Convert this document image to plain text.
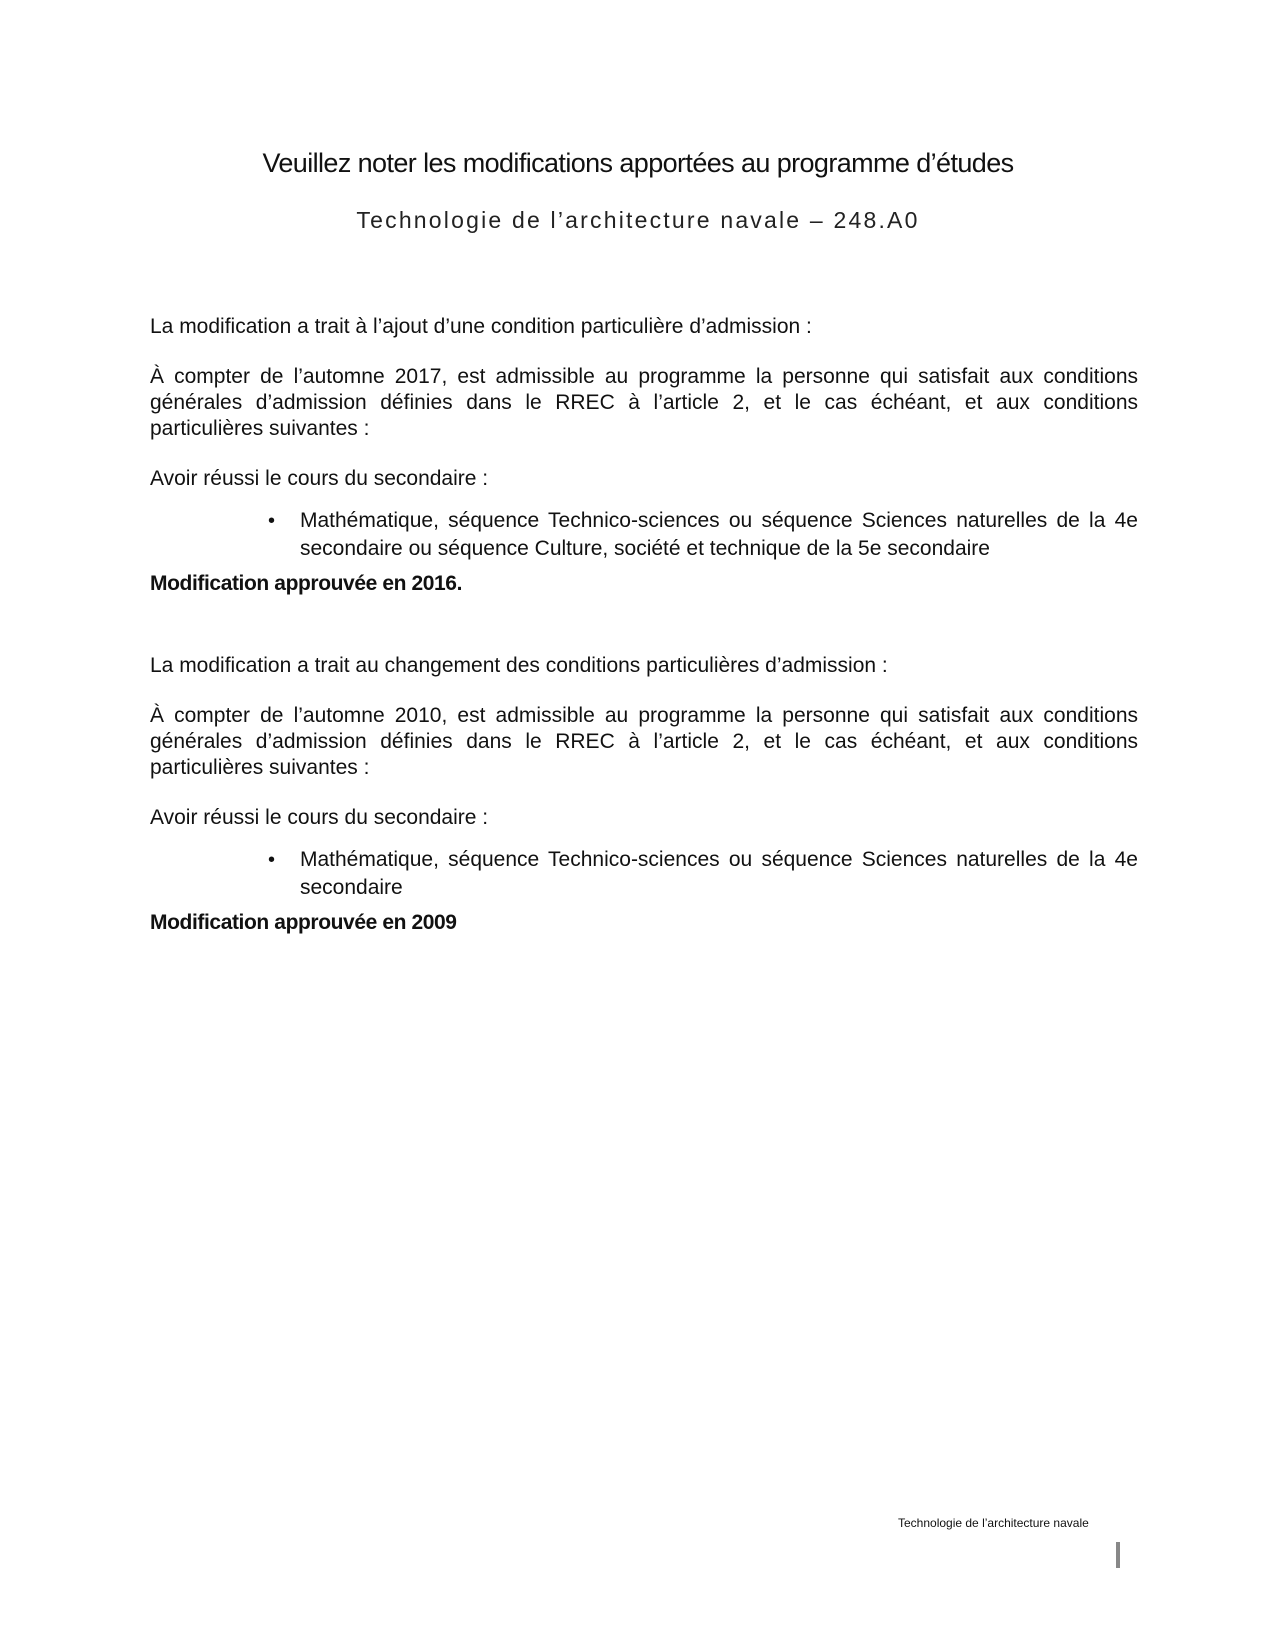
Veuillez noter les modifications apportées au programme d’études
Technologie de l’architecture navale – 248.A0

La modification a trait à l’ajout d’une condition particulière d’admission :

À compter de l’automne 2017, est admissible au programme la personne qui satisfait aux conditions générales d’admission définies dans le RREC à l’article 2, et le cas échéant, et aux conditions particulières suivantes :

Avoir réussi le cours du secondaire :

• Mathématique, séquence Technico-sciences ou séquence Sciences naturelles de la 4e secondaire ou séquence Culture, société et technique de la 5e secondaire

Modification approuvée en 2016.

La modification a trait au changement des conditions particulières d’admission :

À compter de l’automne 2010, est admissible au programme la personne qui satisfait aux conditions générales d’admission définies dans le RREC à l’article 2, et le cas échéant, et aux conditions particulières suivantes :

Avoir réussi le cours du secondaire :

• Mathématique, séquence Technico-sciences ou séquence Sciences naturelles de la 4e secondaire

Modification approuvée en 2009

Technologie de l’architecture navale
